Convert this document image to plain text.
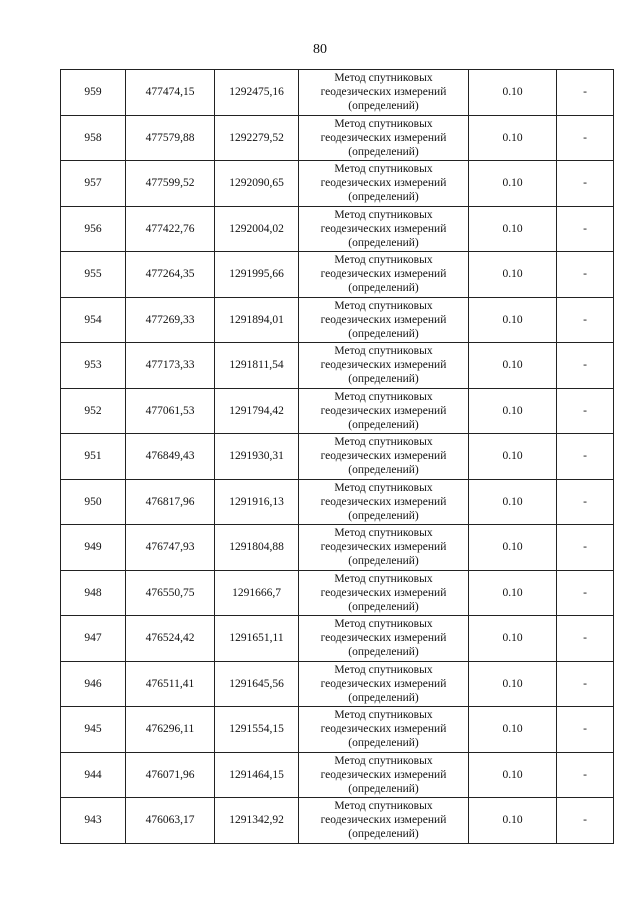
80
959	477474,15	1292475,16	Метод спутниковых геодезических измерений (определений)	0.10	-
958	477579,88	1292279,52	Метод спутниковых геодезических измерений (определений)	0.10	-
957	477599,52	1292090,65	Метод спутниковых геодезических измерений (определений)	0.10	-
956	477422,76	1292004,02	Метод спутниковых геодезических измерений (определений)	0.10	-
955	477264,35	1291995,66	Метод спутниковых геодезических измерений (определений)	0.10	-
954	477269,33	1291894,01	Метод спутниковых геодезических измерений (определений)	0.10	-
953	477173,33	1291811,54	Метод спутниковых геодезических измерений (определений)	0.10	-
952	477061,53	1291794,42	Метод спутниковых геодезических измерений (определений)	0.10	-
951	476849,43	1291930,31	Метод спутниковых геодезических измерений (определений)	0.10	-
950	476817,96	1291916,13	Метод спутниковых геодезических измерений (определений)	0.10	-
949	476747,93	1291804,88	Метод спутниковых геодезических измерений (определений)	0.10	-
948	476550,75	1291666,7	Метод спутниковых геодезических измерений (определений)	0.10	-
947	476524,42	1291651,11	Метод спутниковых геодезических измерений (определений)	0.10	-
946	476511,41	1291645,56	Метод спутниковых геодезических измерений (определений)	0.10	-
945	476296,11	1291554,15	Метод спутниковых геодезических измерений (определений)	0.10	-
944	476071,96	1291464,15	Метод спутниковых геодезических измерений (определений)	0.10	-
943	476063,17	1291342,92	Метод спутниковых геодезических измерений (определений)	0.10	-
